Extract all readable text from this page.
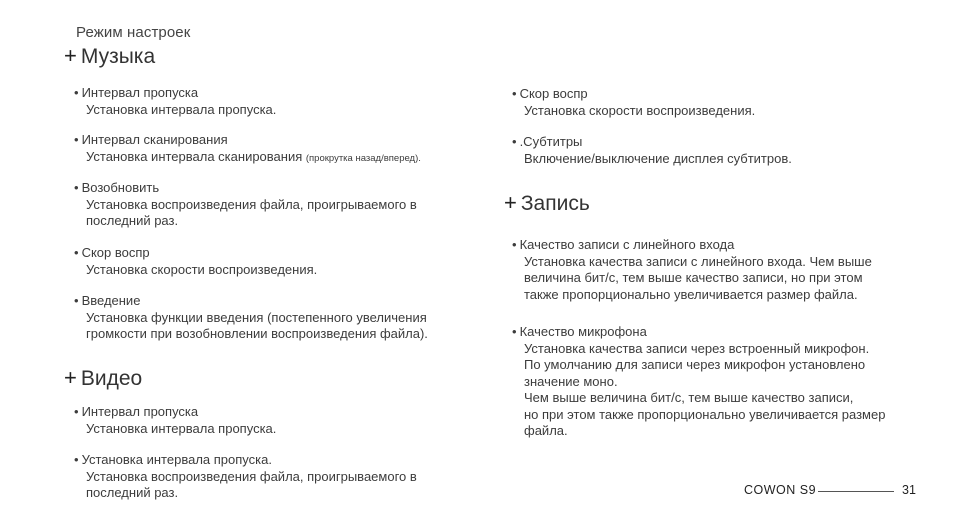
Режим настроек
+ Музыка
• Интервал пропуска
Установка интервала пропуска.
• Интервал сканирования
Установка интервала сканирования (прокрутка назад/вперед).
• Возобновить
Установка воспроизведения файла, проигрываемого в
последний раз.
• Скор воспр
Установка скорости воспроизведения.
• Введение
Установка функции введения (постепенного увеличения
громкости при возобновлении воспроизведения файла).
+ Видео
• Интервал пропуска
Установка интервала пропуска.
• Установка интервала пропуска.
Установка воспроизведения файла, проигрываемого в
последний раз.
• Скор воспр
Установка скорости воспроизведения.
• .Субтитры
Включение/выключение дисплея субтитров.
+ Запись
• Качество записи с линейного входа
Установка качества записи с линейного входа. Чем выше
величина бит/с, тем выше качество записи, но при этом
также пропорционально увеличивается размер файла.
• Качество микрофона
Установка качества записи через встроенный микрофон.
По умолчанию для записи через микрофон установлено
значение моно.
Чем выше величина бит/с, тем выше качество записи,
но при этом также пропорционально увеличивается размер
файла.
COWON S9	31
